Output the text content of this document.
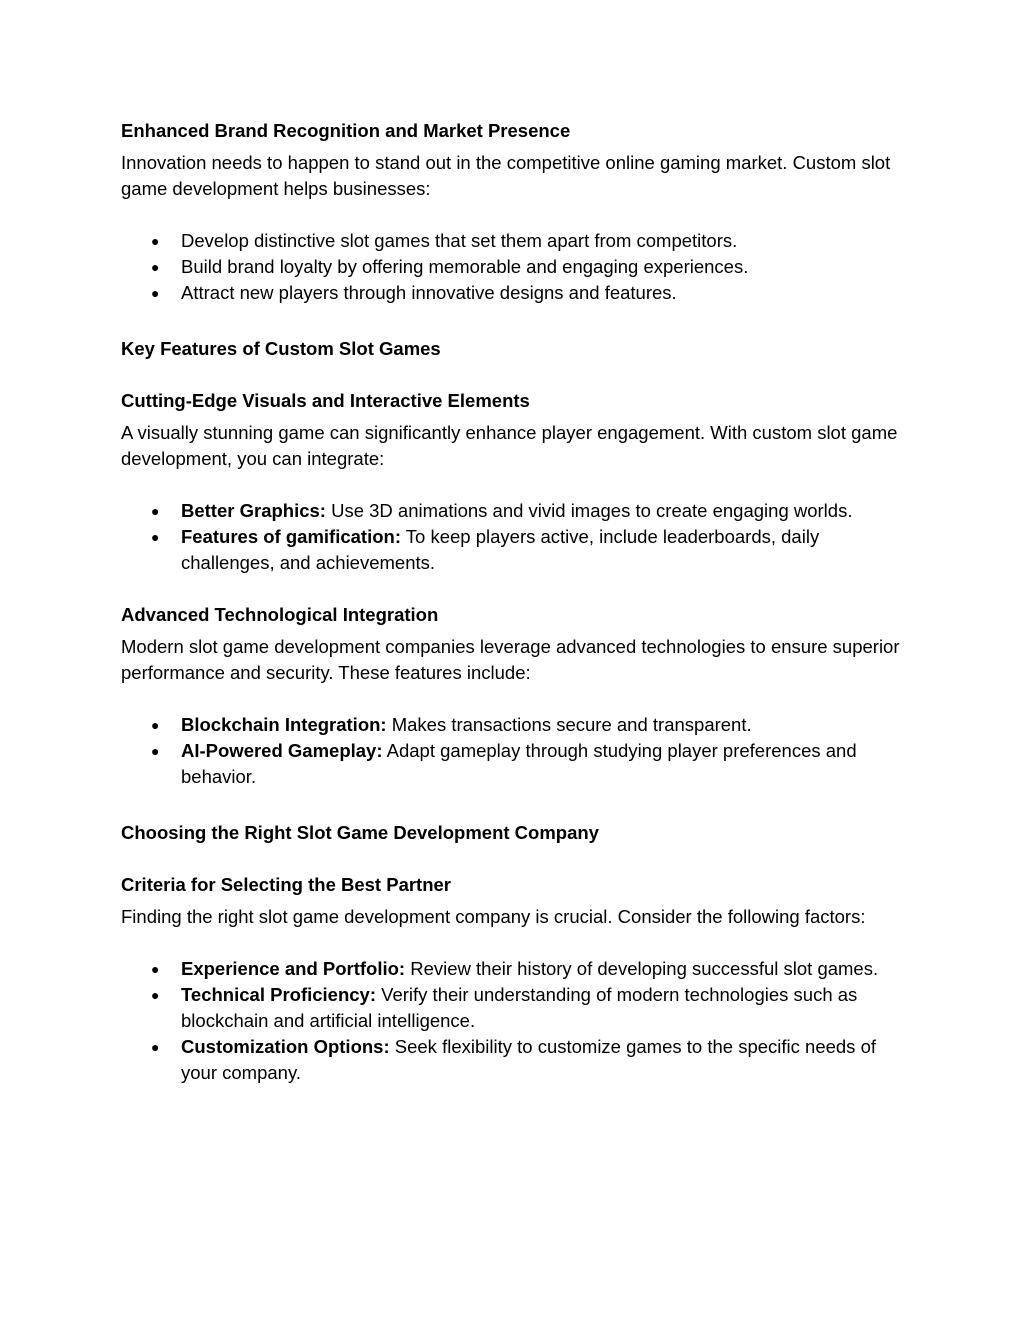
Enhanced Brand Recognition and Market Presence

Innovation needs to happen to stand out in the competitive online gaming market. Custom slot game development helps businesses:

● Develop distinctive slot games that set them apart from competitors.
● Build brand loyalty by offering memorable and engaging experiences.
● Attract new players through innovative designs and features.
Key Features of Custom Slot Games
Cutting-Edge Visuals and Interactive Elements

A visually stunning game can significantly enhance player engagement. With custom slot game development, you can integrate:

● Better Graphics: Use 3D animations and vivid images to create engaging worlds.
● Features of gamification: To keep players active, include leaderboards, daily challenges, and achievements.
Advanced Technological Integration

Modern slot game development companies leverage advanced technologies to ensure superior performance and security. These features include:

● Blockchain Integration: Makes transactions secure and transparent.
● AI-Powered Gameplay: Adapt gameplay through studying player preferences and behavior.
Choosing the Right Slot Game Development Company
Criteria for Selecting the Best Partner

Finding the right slot game development company is crucial. Consider the following factors:

● Experience and Portfolio: Review their history of developing successful slot games.
● Technical Proficiency: Verify their understanding of modern technologies such as blockchain and artificial intelligence.
● Customization Options: Seek flexibility to customize games to the specific needs of your company.
